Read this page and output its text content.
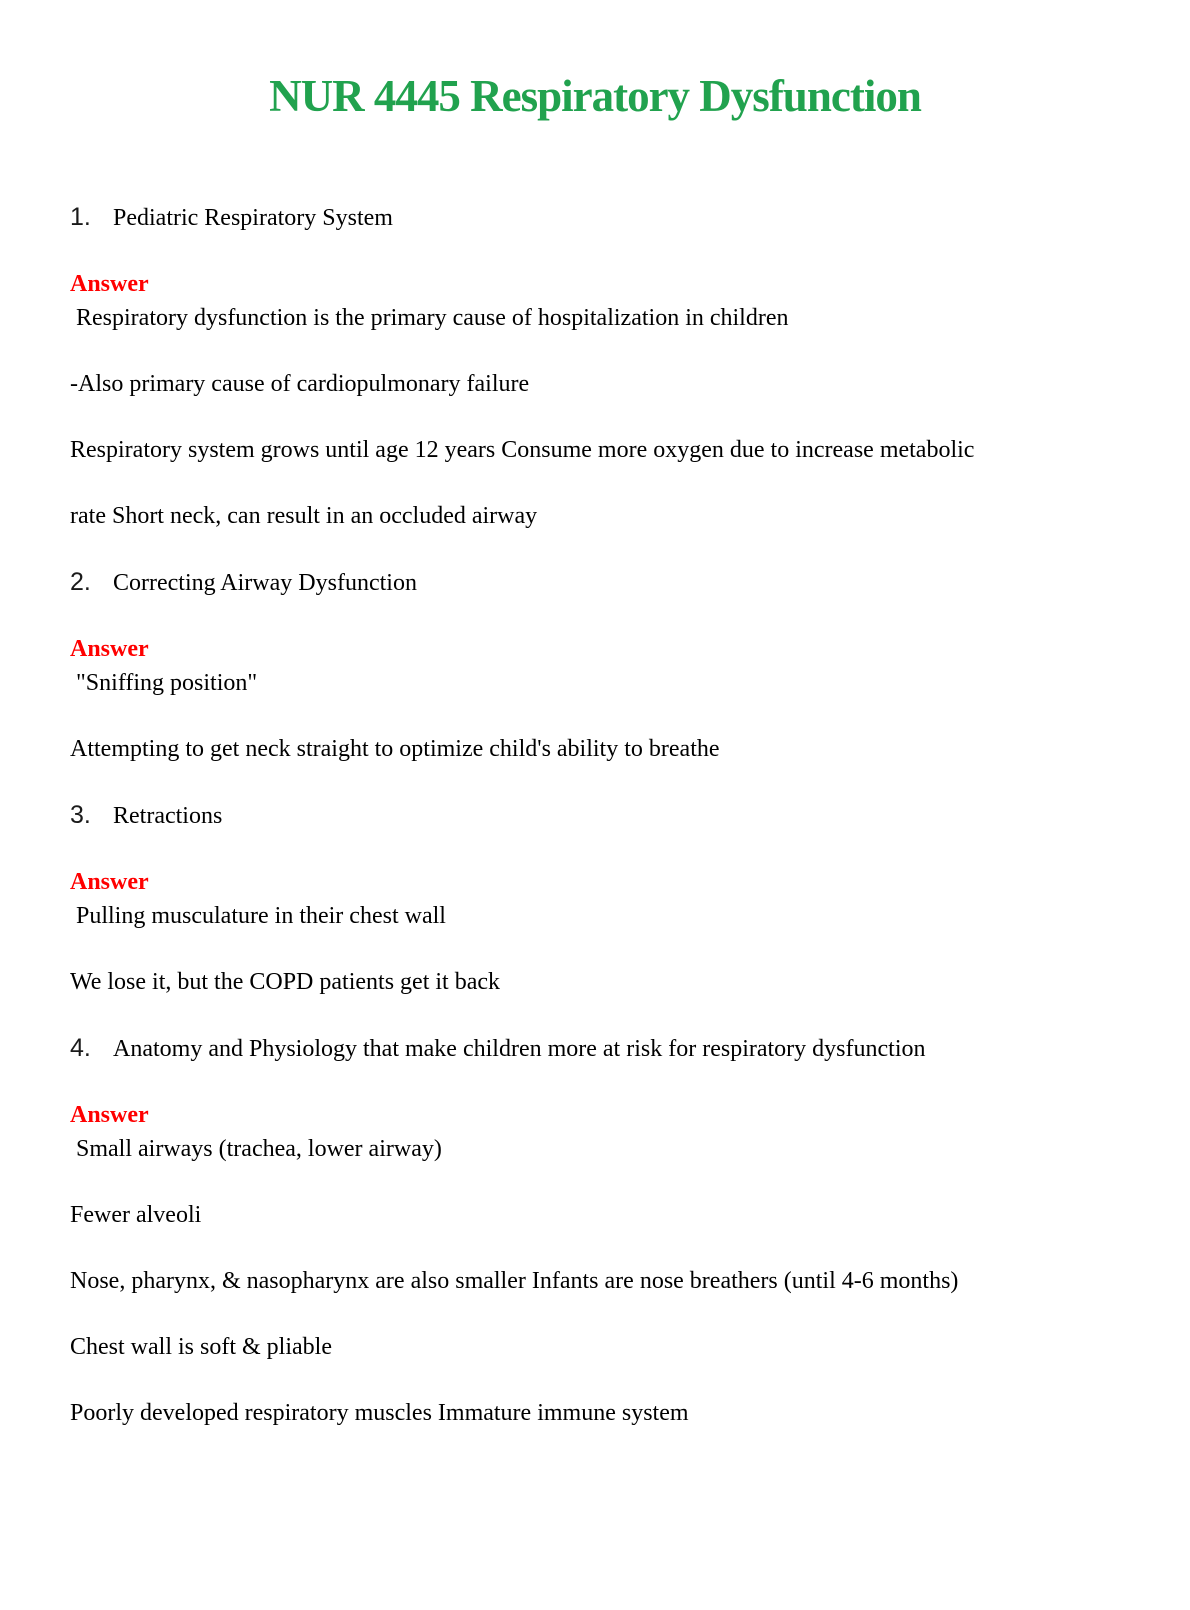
NUR 4445 Respiratory Dysfunction
1. Pediatric Respiratory System
Answer

Respiratory dysfunction is the primary cause of hospitalization in children

-Also primary cause of cardiopulmonary failure

Respiratory system grows until age 12 years Consume more oxygen due to increase metabolic

rate Short neck, can result in an occluded airway

2. Correcting Airway Dysfunction
Answer

"Sniffing position"

Attempting to get neck straight to optimize child's ability to breathe

3. Retractions
Answer

Pulling musculature in their chest wall

We lose it, but the COPD patients get it back

4. Anatomy and Physiology that make children more at risk for respiratory dysfunction
Answer

Small airways (trachea, lower airway)

Fewer alveoli

Nose, pharynx, & nasopharynx are also smaller Infants are nose breathers (until 4-6 months)

Chest wall is soft & pliable

Poorly developed respiratory muscles Immature immune system
